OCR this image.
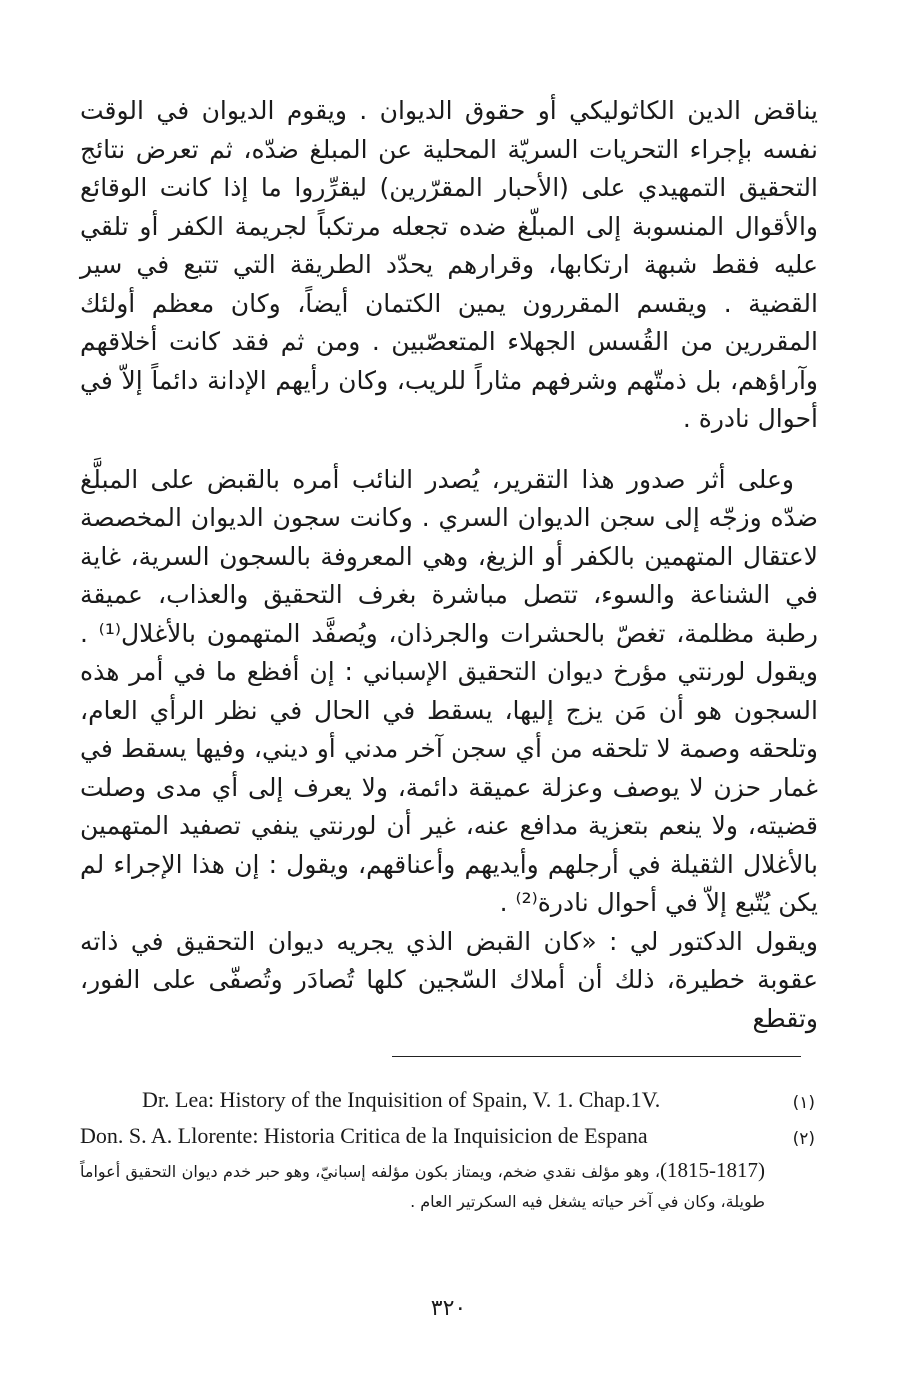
يناقض الدين الكاثوليكي أو حقوق الديوان . ويقوم الديوان في الوقت نفسه بإجراء التحريات السريّة المحلية عن المبلغ ضدّه، ثم تعرض نتائج التحقيق التمهيدي على (الأحبار المقرّرين) ليقرِّروا ما إذا كانت الوقائع والأقوال المنسوبة إلى المبلّغ ضده تجعله مرتكباً لجريمة الكفر أو تلقي عليه فقط شبهة ارتكابها، وقرارهم يحدّد الطريقة التي تتبع في سير القضية . ويقسم المقررون يمين الكتمان أيضاً، وكان معظم أولئك المقررين من القُسس الجهلاء المتعصّبين . ومن ثم فقد كانت أخلاقهم وآراؤهم، بل ذمتّهم وشرفهم مثاراً للريب، وكان رأيهم الإدانة دائماً إلاّ في أحوال نادرة .

وعلى أثر صدور هذا التقرير، يُصدر النائب أمره بالقبض على المبلَّغ ضدّه وزجّه إلى سجن الديوان السري . وكانت سجون الديوان المخصصة لاعتقال المتهمين بالكفر أو الزيغ، وهي المعروفة بالسجون السرية، غاية في الشناعة والسوء، تتصل مباشرة بغرف التحقيق والعذاب، عميقة رطبة مظلمة، تغصّ بالحشرات والجرذان، ويُصفَّد المتهمون بالأغلال⁽¹⁾ . ويقول لورنتي مؤرخ ديوان التحقيق الإسباني : إن أفظع ما في أمر هذه السجون هو أن مَن يزج إليها، يسقط في الحال في نظر الرأي العام، وتلحقه وصمة لا تلحقه من أي سجن آخر مدني أو ديني، وفيها يسقط في غمار حزن لا يوصف وعزلة عميقة دائمة، ولا يعرف إلى أي مدى وصلت قضيته، ولا ينعم بتعزية مدافع عنه، غير أن لورنتي ينفي تصفيد المتهمين بالأغلال الثقيلة في أرجلهم وأيديهم وأعناقهم، ويقول : إن هذا الإجراء لم يكن يُتّبع إلاّ في أحوال نادرة⁽²⁾ .

ويقول الدكتور لي : «كان القبض الذي يجريه ديوان التحقيق في ذاته عقوبة خطيرة، ذلك أن أملاك السّجين كلها تُصادَر وتُصفّى على الفور، وتقطع

(١)
Dr. Lea: History of the Inquisition of Spain, V. 1. Chap.1V.
(٢)
Don. S. A. Llorente: Historia Critica de la Inquisicion de Espana
(1815-1817)، وهو مؤلف نقدي ضخم، ويمتاز بكون مؤلفه إسبانيّ، وهو حبر خدم ديوان التحقيق أعواماً طويلة، وكان في آخر حياته يشغل فيه السكرتير العام .
٣٢٠
